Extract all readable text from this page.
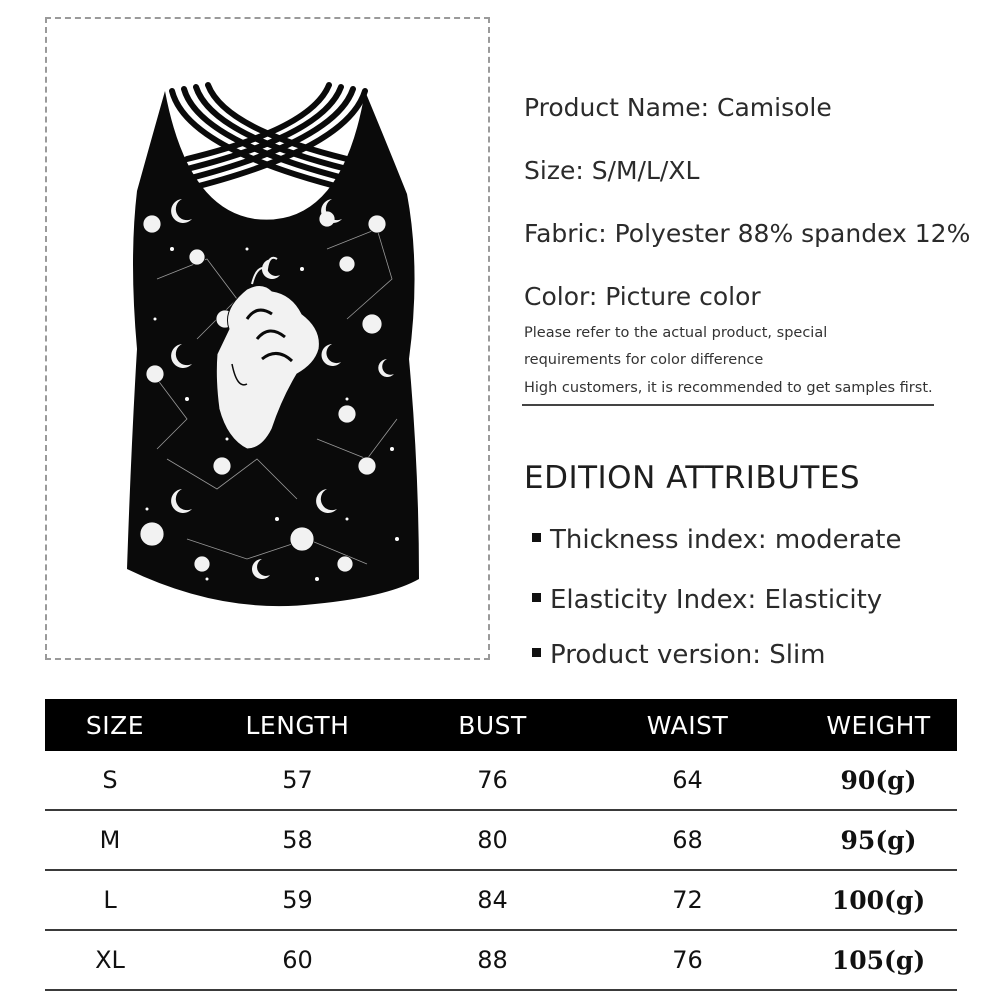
Product Name: Camisole
Size: S/M/L/XL
Fabric: Polyester 88% spandex 12%
Color: Picture color
Please refer to the actual product, special
requirements for color difference
High customers, it is recommended to get samples first.
EDITION ATTRIBUTES
Thickness index: moderate
Elasticity Index: Elasticity
Product version: Slim
SIZE	LENGTH	BUST	WAIST	WEIGHT
S	57	76	64	90(g)
M	58	80	68	95(g)
L	59	84	72	100(g)
XL	60	88	76	105(g)
